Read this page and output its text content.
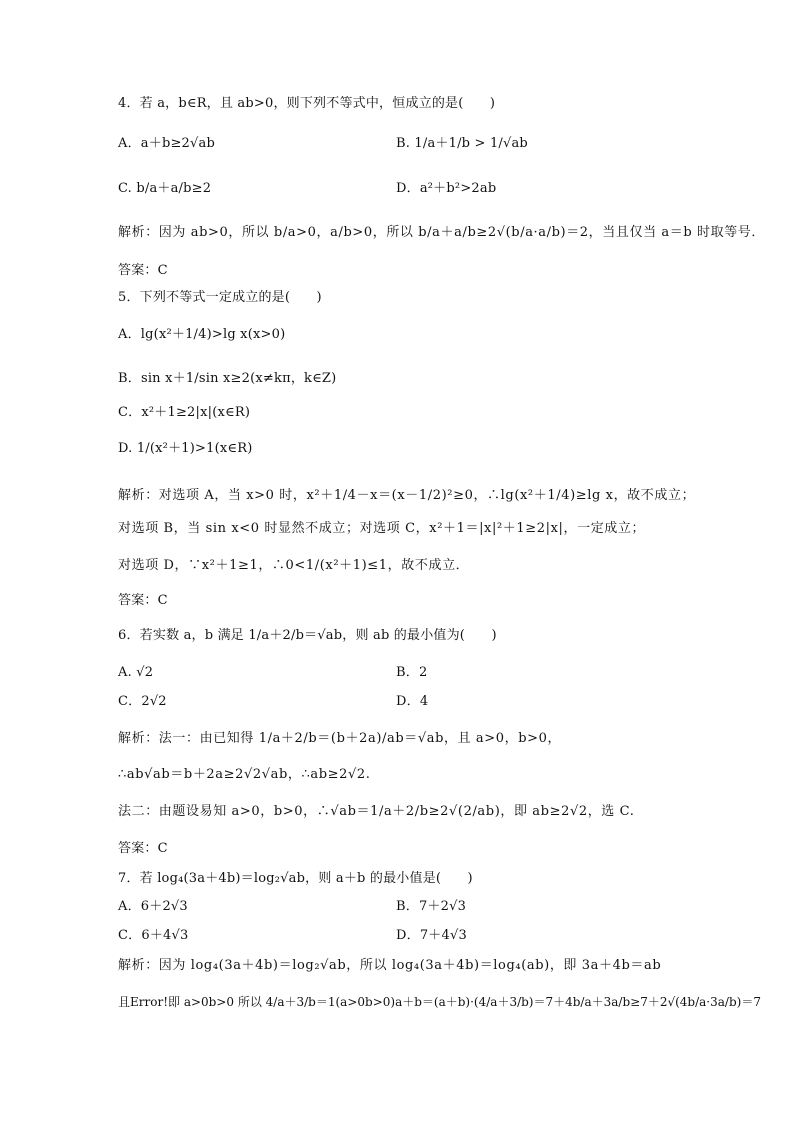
4．若 a，b∈R，且 ab>0，则下列不等式中，恒成立的是(　　)
A．a＋b≥2√ab	B. 1/a＋1/b > 1/√ab
C. b/a＋a/b≥2	D．a²＋b²>2ab
解析：因为 ab>0，所以 b/a>0，a/b>0，所以 b/a＋a/b≥2√(b/a·a/b)＝2，当且仅当 a＝b 时取等号．
答案：C
5．下列不等式一定成立的是(　　)
A．lg(x²＋1/4)>lg x(x>0)
B．sin x＋1/sin x≥2(x≠kπ，k∈Z)
C．x²＋1≥2|x|(x∈R)
D. 1/(x²＋1)>1(x∈R)
解析：对选项 A，当 x>0 时，x²＋1/4－x＝(x－1/2)²≥0，∴lg(x²＋1/4)≥lg x，故不成立；
对选项 B，当 sin x<0 时显然不成立；对选项 C，x²＋1＝|x|²＋1≥2|x|，一定成立；
对选项 D，∵x²＋1≥1，∴0<1/(x²＋1)≤1，故不成立．
答案：C
6．若实数 a，b 满足 1/a＋2/b＝√ab，则 ab 的最小值为(　　)
A. √2	B．2
C．2√2	D．4
解析：法一：由已知得 1/a＋2/b＝(b＋2a)/ab＝√ab，且 a>0，b>0，
∴ab√ab＝b＋2a≥2√2√ab，∴ab≥2√2.
法二：由题设易知 a>0，b>0，∴√ab＝1/a＋2/b≥2√(2/ab)，即 ab≥2√2，选 C.
答案：C
7．若 log₄(3a＋4b)＝log₂√ab，则 a＋b 的最小值是(　　)
A．6＋2√3	B．7＋2√3
C．6＋4√3	D．7＋4√3
解析：因为 log₄(3a＋4b)＝log₂√ab，所以 log₄(3a＋4b)＝log₄(ab)，即 3a＋4b＝ab
且Error!即 a>0b>0 所以 4/a＋3/b＝1(a>0b>0)a＋b＝(a＋b)·(4/a＋3/b)＝7＋4b/a＋3a/b≥7＋2√(4b/a·3a/b)＝7
